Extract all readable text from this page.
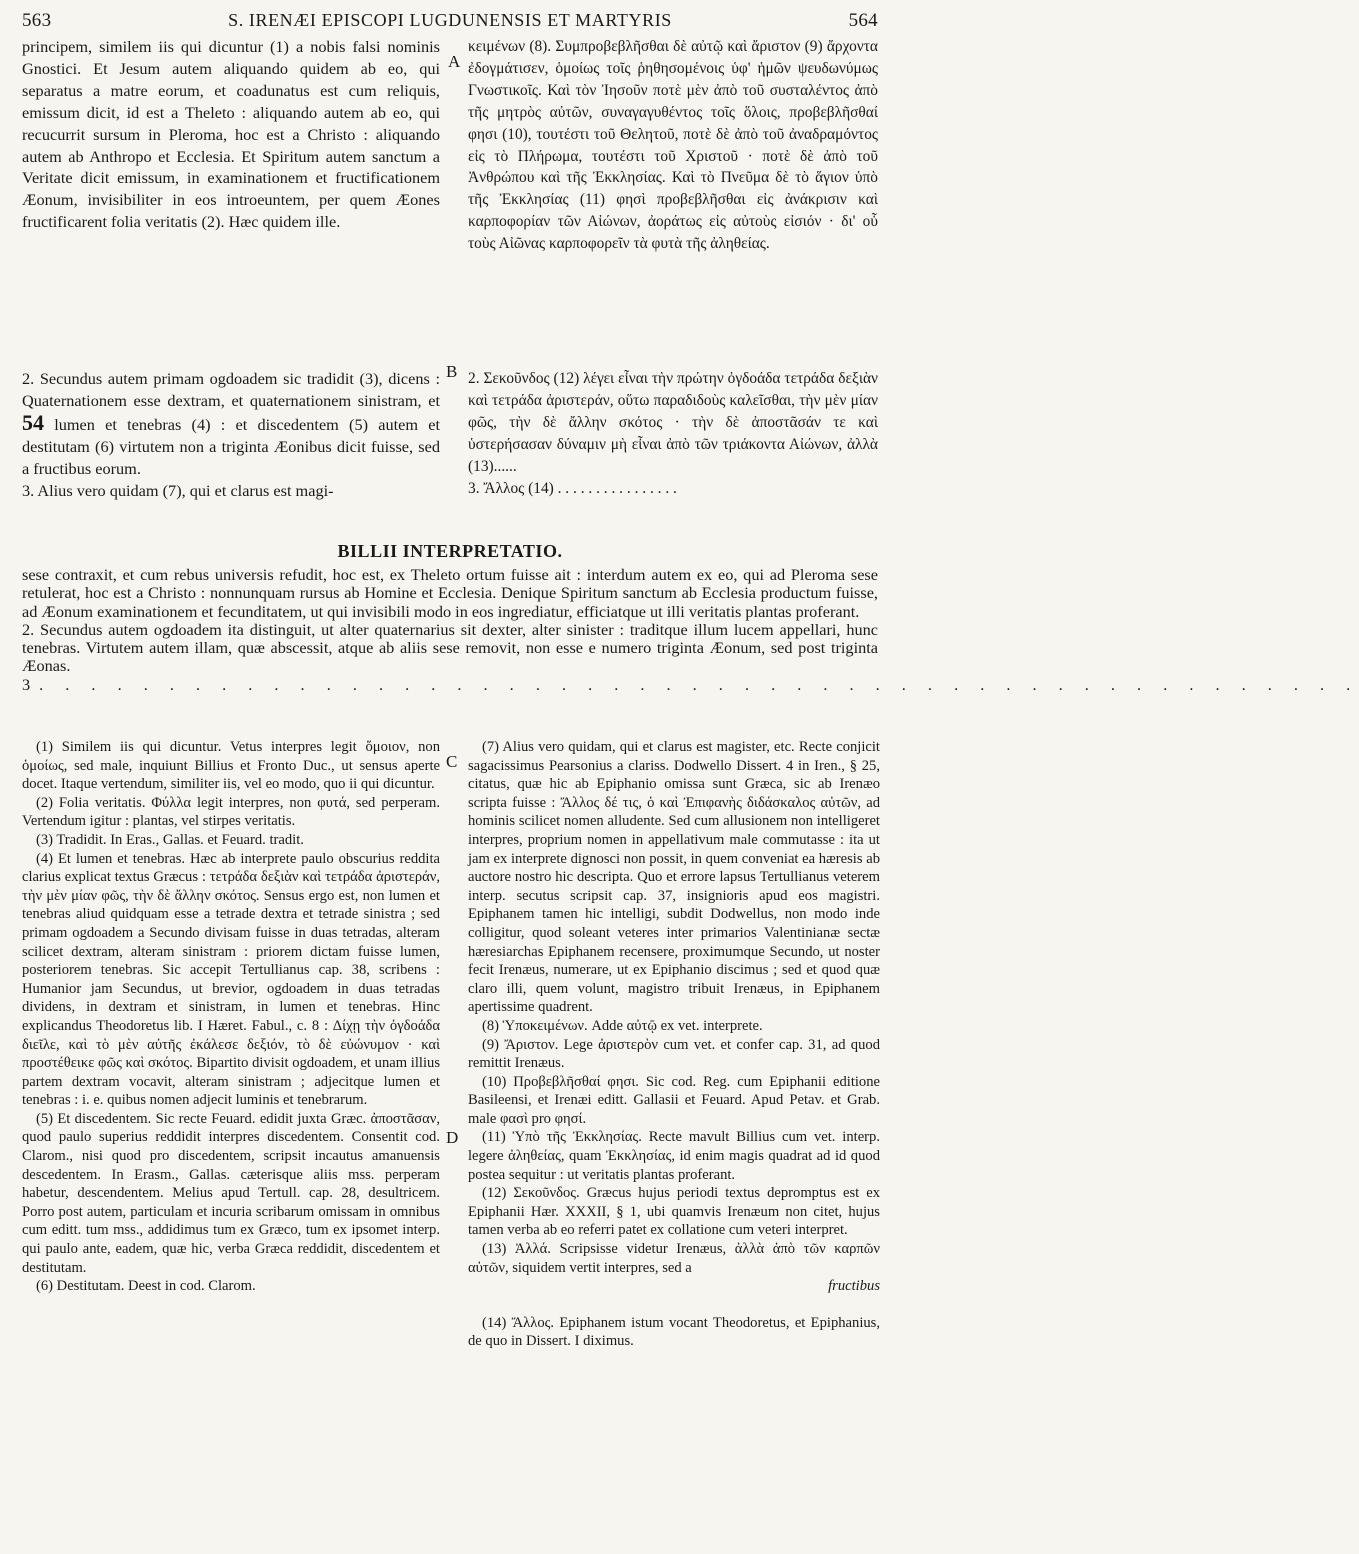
563	S. IRENÆI EPISCOPI LUGDUNENSIS ET MARTYRIS	564

principem, similem iis qui dicuntur (1) a nobis falsi nominis Gnostici. Et Jesum autem aliquando quidem ab eo, qui separatus a matre eorum, et coadunatus est cum reliquis, emissum dicit, id est a Theleto : aliquando autem ab eo, qui recucurrit sursum in Pleroma, hoc est a Christo : aliquando autem ab Anthropo et Ecclesia. Et Spiritum autem sanctum a Veritate dicit emissum, in examinationem et fructificationem Æonum, invisibiliter in eos introeuntem, per quem Æones fructificarent folia veritatis (2). Hæc quidem ille.

2. Secundus autem primam ogdoadem sic tradidit (3), dicens : Quaternationem esse dextram, et quaternationem sinistram, et 54 lumen et tenebras (4) : et discedentem (5) autem et destitutam (6) virtutem non a triginta Æonibus dicit fuisse, sed a fructibus eorum.

3. Alius vero quidam (7), qui et clarus est magi-

κειμένων (8). Συμπροβεβλῆσθαι δὲ αὐτῷ καὶ ἄριστον (9) ἄρχοντα ἐδογμάτισεν, ὁμοίως τοῖς ῥηθησομένοις ὑφ' ἡμῶν ψευδωνύμως Γνωστικοῖς. Καὶ τὸν Ἰησοῦν ποτὲ μὲν ἀπὸ τοῦ συσταλέντος ἀπὸ τῆς μητρὸς αὐτῶν, συναγαγυθέντος τοῖς ὅλοις, προβεβλῆσθαί φησι (10), τουτέστι τοῦ Θελητοῦ, ποτὲ δὲ ἀπὸ τοῦ ἀναδραμόντος εἰς τὸ Πλήρωμα, τουτέστι τοῦ Χριστοῦ · ποτὲ δὲ ἀπὸ τοῦ Ἀνθρώπου καὶ τῆς Ἐκκλησίας. Καὶ τὸ Πνεῦμα δὲ τὸ ἅγιον ὑπὸ τῆς Ἐκκλησίας (11) φησὶ προβεβλῆσθαι εἰς ἀνάκρισιν καὶ καρποφορίαν τῶν Αἰώνων, ἀοράτως εἰς αὐτοὺς εἰσιόν · δι' οὗ τοὺς Αἰῶνας καρποφορεῖν τὰ φυτὰ τῆς ἀληθείας.

2. Σεκοῦνδος (12) λέγει εἶναι τὴν πρώτην ὀγδοάδα τετράδα δεξιὰν καὶ τετράδα ἀριστεράν, οὕτω παραδιδοὺς καλεῖσθαι, τὴν μὲν μίαν φῶς, τὴν δὲ ἄλλην σκότος · τὴν δὲ ἀποστᾶσάν τε καὶ ὑστερήσασαν δύναμιν μὴ εἶναι ἀπὸ τῶν τριάκοντα Αἰώνων, ἀλλὰ (13)......

3. Ἄλλος (14) . . . . . . . . . . . . . . . .

A
B
C
D
BILLII INTERPRETATIO.

sese contraxit, et cum rebus universis refudit, hoc est, ex Theleto ortum fuisse ait : interdum autem ex eo, qui ad Pleroma sese retulerat, hoc est a Christo : nonnunquam rursus ab Homine et Ecclesia. Denique Spiritum sanctum ab Ecclesia productum fuisse, ad Æonum examinationem et fecunditatem, ut qui invisibili modo in eos ingrediatur, efficiatque ut illi veritatis plantas proferant.

2. Secundus autem ogdoadem ita distinguit, ut alter quaternarius sit dexter, alter sinister : traditque illum lucem appellari, hunc tenebras. Virtutem autem illam, quæ abscessit, atque ab aliis sese removit, non esse e numero triginta Æonum, sed post triginta Æonas.

3. . . . . . . . . . . . . . . . . . . . . . . . . . . . . . . . . . . . . . . . . . . . . . . . . . .

(1) Similem iis qui dicuntur. Vetus interpres legit ὅμοιον, non ὁμοίως, sed male, inquiunt Billius et Fronto Duc., ut sensus aperte docet. Itaque vertendum, similiter iis, vel eo modo, quo ii qui dicuntur.

(2) Folia veritatis. Φύλλα legit interpres, non φυτά, sed perperam. Vertendum igitur : plantas, vel stirpes veritatis.

(3) Tradidit. In Eras., Gallas. et Feuard. tradit.

(4) Et lumen et tenebras. Hæc ab interprete paulo obscurius reddita clarius explicat textus Græcus : τετράδα δεξιὰν καὶ τετράδα ἀριστεράν, τὴν μὲν μίαν φῶς, τὴν δὲ ἄλλην σκότος. Sensus ergo est, non lumen et tenebras aliud quidquam esse a tetrade dextra et tetrade sinistra ; sed primam ogdoadem a Secundo divisam fuisse in duas tetradas, alteram scilicet dextram, alteram sinistram : priorem dictam fuisse lumen, posteriorem tenebras. Sic accepit Tertullianus cap. 38, scribens : Humanior jam Secundus, ut brevior, ogdoadem in duas tetradas dividens, in dextram et sinistram, in lumen et tenebras. Hinc explicandus Theodoretus lib. I Hæret. Fabul., c. 8 : Δίχῃ τὴν ὀγδοάδα διεῖλε, καὶ τὸ μὲν αὐτῆς ἐκάλεσε δεξιόν, τὸ δὲ εὐώνυμον · καὶ προστέθεικε φῶς καὶ σκότος. Bipartito divisit ogdoadem, et unam illius partem dextram vocavit, alteram sinistram ; adjecitque lumen et tenebras : i. e. quibus nomen adjecit luminis et tenebrarum.

(5) Et discedentem. Sic recte Feuard. edidit juxta Græc. ἀποστᾶσαν, quod paulo superius reddidit interpres discedentem. Consentit cod. Clarom., nisi quod pro discedentem, scripsit incautus amanuensis descedentem. In Erasm., Gallas. cæterisque aliis mss. perperam habetur, descendentem. Melius apud Tertull. cap. 28, desultricem. Porro post autem, particulam et incuria scribarum omissam in omnibus cum editt. tum mss., addidimus tum ex Græco, tum ex ipsomet interp. qui paulo ante, eadem, quæ hic, verba Græca reddidit, discedentem et destitutam.

(6) Destitutam. Deest in cod. Clarom.

(7) Alius vero quidam, qui et clarus est magister, etc. Recte conjicit sagacissimus Pearsonius a clariss. Dodwello Dissert. 4 in Iren., § 25, citatus, quæ hic ab Epiphanio omissa sunt Græca, sic ab Irenæo scripta fuisse : Ἄλλος δέ τις, ὁ καὶ Ἐπιφανὴς διδάσκαλος αὐτῶν, ad hominis scilicet nomen alludente. Sed cum allusionem non intelligeret interpres, proprium nomen in appellativum male commutasse : ita ut jam ex interprete dignosci non possit, in quem conveniat ea hæresis ab auctore nostro hic descripta. Quo et errore lapsus Tertullianus veterem interp. secutus scripsit cap. 37, insignioris apud eos magistri. Epiphanem tamen hic intelligi, subdit Dodwellus, non modo inde colligitur, quod soleant veteres inter primarios Valentinianæ sectæ hæresiarchas Epiphanem recensere, proximumque Secundo, ut noster fecit Irenæus, numerare, ut ex Epiphanio discimus ; sed et quod quæ claro illi, quem volunt, magistro tribuit Irenæus, in Epiphanem apertissime quadrent.

(8) Ὑποκειμένων. Adde αὐτῷ ex vet. interprete.

(9) Ἄριστον. Lege ἀριστερὸν cum vet. et confer cap. 31, ad quod remittit Irenæus.

(10) Προβεβλῆσθαί φησι. Sic cod. Reg. cum Epiphanii editione Basileensi, et Irenæi editt. Gallasii et Feuard. Apud Petav. et Grab. male φασὶ pro φησί.

(11) Ὑπὸ τῆς Ἐκκλησίας. Recte mavult Billius cum vet. interp. legere ἀληθείας, quam Ἐκκλησίας, id enim magis quadrat ad id quod postea sequitur : ut veritatis plantas proferant.

(12) Σεκοῦνδος. Græcus hujus periodi textus depromptus est ex Epiphanii Hær. XXXII, § 1, ubi quamvis Irenæum non citet, hujus tamen verba ab eo referri patet ex collatione cum veteri interpret.

(13) Ἀλλά. Scripsisse videtur Irenæus, ἀλλὰ ἀπὸ τῶν καρπῶν αὐτῶν, siquidem vertit interpres, sed a

fructibus

(14) Ἄλλος. Epiphanem istum vocant Theodoretus, et Epiphanius, de quo in Dissert. I diximus.
